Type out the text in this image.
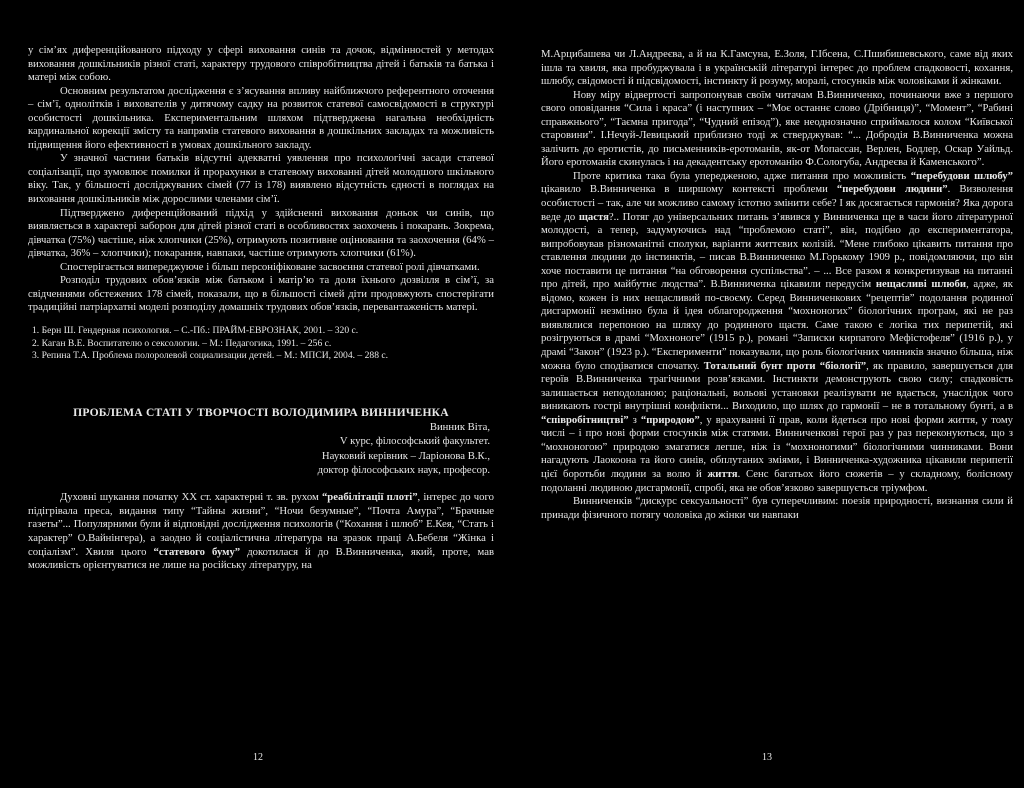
у сім’ях диференційованого підходу у сфері виховання синів та дочок, відмінностей у методах виховання дошкільників різної статі, характеру трудового співробітництва дітей і батьків та батька і матері між собою.

Основним результатом дослідження є з’ясування впливу найближчого референтного оточення – сім’ї, однолітків і вихователів у дитячому садку на розвиток статевої самосвідомості в структурі особистості дошкільника. Експериментальним шляхом підтверджена нагальна необхідність кардинальної корекції змісту та напрямів статевого виховання в дошкільних закладах та можливість підвищення його ефективності в умовах дошкільного закладу.

У значної частини батьків відсутні адекватні уявлення про психологічні засади статевої соціалізації, що зумовлює помилки й прорахунки в статевому вихованні дітей молодшого шкільного віку. Так, у більшості досліджуваних сімей (77 із 178) виявлено відсутність єдності в поглядах на виховання дошкільників між дорослими членами сім’ї.

Підтверджено диференційований підхід у здійсненні виховання доньок чи синів, що виявляється в характері заборон для дітей різної статі в особливостях заохочень і покарань. Зокрема, дівчатка (75%) частіше, ніж хлопчики (25%), отримують позитивне оцінювання та заохочення (64% – дівчатка, 36% – хлопчики); покарання, навпаки, частіше отримують хлопчики (61%).

Спостерігається випереджуюче і більш персоніфіковане засвоєння статевої ролі дівчатками.

Розподіл трудових обов’язків між батьком і матір’ю та доля їхнього дозвілля в сім’ї, за свідченнями обстежених 178 сімей, показали, що в більшості сімей діти продовжують спостерігати традиційні патріархатні моделі розподілу домашніх трудових обов’язків, перевантаженість матері.

1. Берн Ш. Гендерная психология. – С.-Пб.: ПРАЙМ-ЕВРОЗНАК, 2001. – 320 с.
2. Каган В.Е. Воспитателю о сексологии. – М.: Педагогика, 1991. – 256 с.
3. Репина Т.А. Проблема полоролевой социализации детей. – М.: МПСИ, 2004. – 288 с.
ПРОБЛЕМА СТАТІ У ТВОРЧОСТІ ВОЛОДИМИРА ВИННИЧЕНКА
Винник Віта,
V курс, філософський факультет.
Науковий керівник – Ларіонова В.К.,
доктор філософських наук, професор.

Духовні шукання початку ХХ ст. характерні т. зв. рухом “реабілітації плоті”, інтерес до чого підігрівала преса, видання типу “Тайны жизни”, “Ночи безумные”, “Почта Амура”, “Брачные газеты”... Популярними були й відповідні дослідження психологів (“Кохання і шлюб” Е.Кея, “Стать і характер” О.Вайнінгера), а заодно й соціалістична література на зразок праці А.Бебеля “Жінка і соціалізм”. Хвиля цього “статевого буму” докотилася й до В.Винниченка, який, проте, мав можливість орієнтуватися не лише на російську літературу, на

М.Арцибашева чи Л.Андреєва, а й на К.Гамсуна, Е.Золя, Г.Ібсена, С.Пшибишевського, саме від яких ішла та хвиля, яка пробуджувала і в українській літературі інтерес до проблем спадковості, кохання, шлюбу, свідомості й підсвідомості, інстинкту й розуму, моралі, стосунків між чоловіками й жінками.

Нову міру відвертості запропонував своїм читачам В.Винниченко, починаючи вже з першого свого оповідання “Сила і краса” (і наступних – “Моє останнє слово (Дрібниця)”, “Момент”, “Рабині справжнього”, “Таємна пригода”, “Чудний епізод”), яке неоднозначно сприймалося колом “Київської старовини”. І.Нечуй-Левицький приблизно тоді ж стверджував: “... Добродія В.Винниченка можна залічить до еротистів, до письменників-еротоманів, як-от Мопассан, Верлен, Бодлер, Оскар Уайльд. Його еротоманія скинулась і на декадентську еротоманію Ф.Сологуба, Андреєва й Каменського”.

Проте критика така була упередженою, адже питання про можливість “перебудови шлюбу” цікавило В.Винниченка в ширшому контексті проблеми “перебудови людини”. Визволення особистості – так, але чи можливо самому істотно змінити себе? І як досягається гармонія? Яка дорога веде до щастя?.. Потяг до універсальних питань з’явився у Винниченка ще в часи його літературної молодості, а тепер, задумуючись над “проблемою статі”, він, подібно до експериментатора, випробовував різноманітні сполуки, варіанти життєвих колізій. “Мене глибоко цікавить питання про ставлення людини до інстинктів, – писав В.Винниченко М.Горькому 1909 р., повідомляючи, що він хоче поставити це питання “на обговорення суспільства”. – ... Все разом я конкретизував на питанні про дітей, про майбутнє людства”. В.Винниченка цікавили передусім нещасливі шлюби, адже, як відомо, кожен із них нещасливий по-своєму. Серед Винниченкових “рецептів” подолання родинної дисгармонії незмінно була й ідея облагородження “мохноногих” біологічних програм, які не раз виявлялися перепоною на шляху до родинного щастя. Саме такою є логіка тих перипетій, які розігруються в драмі “Мохноноге” (1915 р.), романі “Записки кирпатого Мефістофеля” (1916 р.), у драмі “Закон” (1923 р.). “Експерименти” показували, що роль біологічних чинників значно більша, ніж можна було сподіватися спочатку. Тотальний бунт проти “біології”, як правило, завершується для героїв В.Винниченка трагічними розв’язками. Інстинкти демонструють свою силу; спадковість залишається неподоланою; раціональні, вольові установки реалізувати не вдається, унаслідок чого виникають гострі внутрішні конфлікти... Виходило, що шлях до гармонії – не в тотальному бунті, а в “співробітництві” з “природою”, у врахуванні її прав, коли йдеться про нові форми життя, у тому числі – і про нові форми стосунків між статями. Винниченкові герої раз у раз переконуються, що з “мохноногою” природою змагатися легше, ніж із “мохноногими” біологічними чинниками. Вони нагадують Лаокоона та його синів, обплутаних зміями, і Винниченка-художника цікавили перипетії цієї боротьби людини за волю й життя. Сенс багатьох його сюжетів – у складному, болісному подоланні людиною дисгармонії, спробі, яка не обов’язково завершується тріумфом.

Винниченків “дискурс сексуальності” був суперечливим: поезія природності, визнання сили й принади фізичного потягу чоловіка до жінки чи навпаки

12	13
